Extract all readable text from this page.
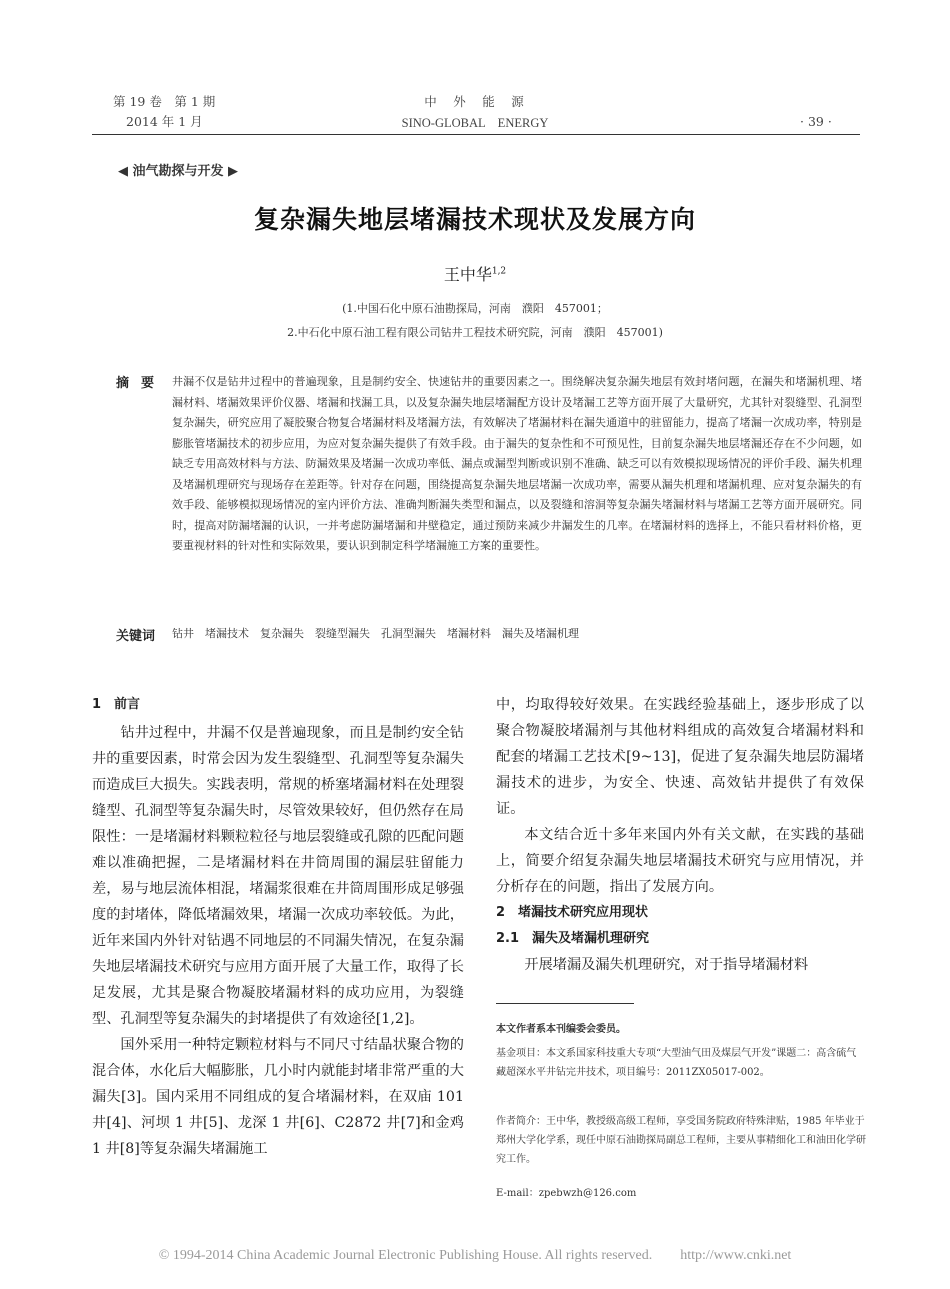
第 19 卷　第 1 期
2014 年 1 月
中　外　能　源
SINO-GLOBAL　ENERGY	· 39 ·
◀ 油气勘探与开发 ▶
复杂漏失地层堵漏技术现状及发展方向
王中华$^{1,2}$
(1.中国石化中原石油勘探局，河南　濮阳　457001；
2.中石化中原石油工程有限公司钻井工程技术研究院，河南　濮阳　457001)
摘要 井漏不仅是钻井过程中的普遍现象，且是制约安全、快速钻井的重要因素之一。围绕解决复杂漏失地层有效封堵问题，在漏失和堵漏机理、堵漏材料、堵漏效果评价仪器、堵漏和找漏工具，以及复杂漏失地层堵漏配方设计及堵漏工艺等方面开展了大量研究，尤其针对裂缝型、孔洞型复杂漏失，研究应用了凝胶聚合物复合堵漏材料及堵漏方法，有效解决了堵漏材料在漏失通道中的驻留能力，提高了堵漏一次成功率，特别是膨胀管堵漏技术的初步应用，为应对复杂漏失提供了有效手段。由于漏失的复杂性和不可预见性，目前复杂漏失地层堵漏还存在不少问题，如缺乏专用高效材料与方法、防漏效果及堵漏一次成功率低、漏点或漏型判断或识别不准确、缺乏可以有效模拟现场情况的评价手段、漏失机理及堵漏机理研究与现场存在差距等。针对存在问题，围绕提高复杂漏失地层堵漏一次成功率，需要从漏失机理和堵漏机理、应对复杂漏失的有效手段、能够模拟现场情况的室内评价方法、准确判断漏失类型和漏点，以及裂缝和溶洞等复杂漏失堵漏材料与堵漏工艺等方面开展研究。同时，提高对防漏堵漏的认识，一并考虑防漏堵漏和井壁稳定，通过预防来减少井漏发生的几率。在堵漏材料的选择上，不能只看材料价格，更要重视材料的针对性和实际效果，要认识到制定科学堵漏施工方案的重要性。
关键词 钻井　堵漏技术　复杂漏失　裂缝型漏失　孔洞型漏失　堵漏材料　漏失及堵漏机理

1　前言

钻井过程中，井漏不仅是普遍现象，而且是制约安全钻井的重要因素，时常会因为发生裂缝型、孔洞型等复杂漏失而造成巨大损失。实践表明，常规的桥塞堵漏材料在处理裂缝型、孔洞型等复杂漏失时，尽管效果较好，但仍然存在局限性：一是堵漏材料颗粒粒径与地层裂缝或孔隙的匹配问题难以准确把握，二是堵漏材料在井筒周围的漏层驻留能力差，易与地层流体相混，堵漏浆很难在井筒周围形成足够强度的封堵体，降低堵漏效果，堵漏一次成功率较低。为此，近年来国内外针对钻遇不同地层的不同漏失情况，在复杂漏失地层堵漏技术研究与应用方面开展了大量工作，取得了长足发展，尤其是聚合物凝胶堵漏材料的成功应用，为裂缝型、孔洞型等复杂漏失的封堵提供了有效途径[1,2]。

国外采用一种特定颗粒材料与不同尺寸结晶状聚合物的混合体，水化后大幅膨胀，几小时内就能封堵非常严重的大漏失[3]。国内采用不同组成的复合堵漏材料，在双庙 101 井[4]、河坝 1 井[5]、龙深 1 井[6]、C2872 井[7]和金鸡 1 井[8]等复杂漏失堵漏施工

中，均取得较好效果。在实践经验基础上，逐步形成了以聚合物凝胶堵漏剂与其他材料组成的高效复合堵漏材料和配套的堵漏工艺技术[9~13]，促进了复杂漏失地层防漏堵漏技术的进步，为安全、快速、高效钻井提供了有效保证。

本文结合近十多年来国内外有关文献，在实践的基础上，简要介绍复杂漏失地层堵漏技术研究与应用情况，并分析存在的问题，指出了发展方向。

2　堵漏技术研究应用现状

2.1　漏失及堵漏机理研究

开展堵漏及漏失机理研究，对于指导堵漏材料

本文作者系本刊编委会委员。
基金项目：本文系国家科技重大专项“大型油气田及煤层气开发”课题二：高含硫气藏超深水平井钻完井技术，项目编号：2011ZX05017-002。
作者简介：王中华，教授级高级工程师，享受国务院政府特殊津贴，1985 年毕业于郑州大学化学系，现任中原石油勘探局副总工程师，主要从事精细化工和油田化学研究工作。
E-mail：zpebwzh@126.com
© 1994-2014 China Academic Journal Electronic Publishing House. All rights reserved.　　http://www.cnki.net
